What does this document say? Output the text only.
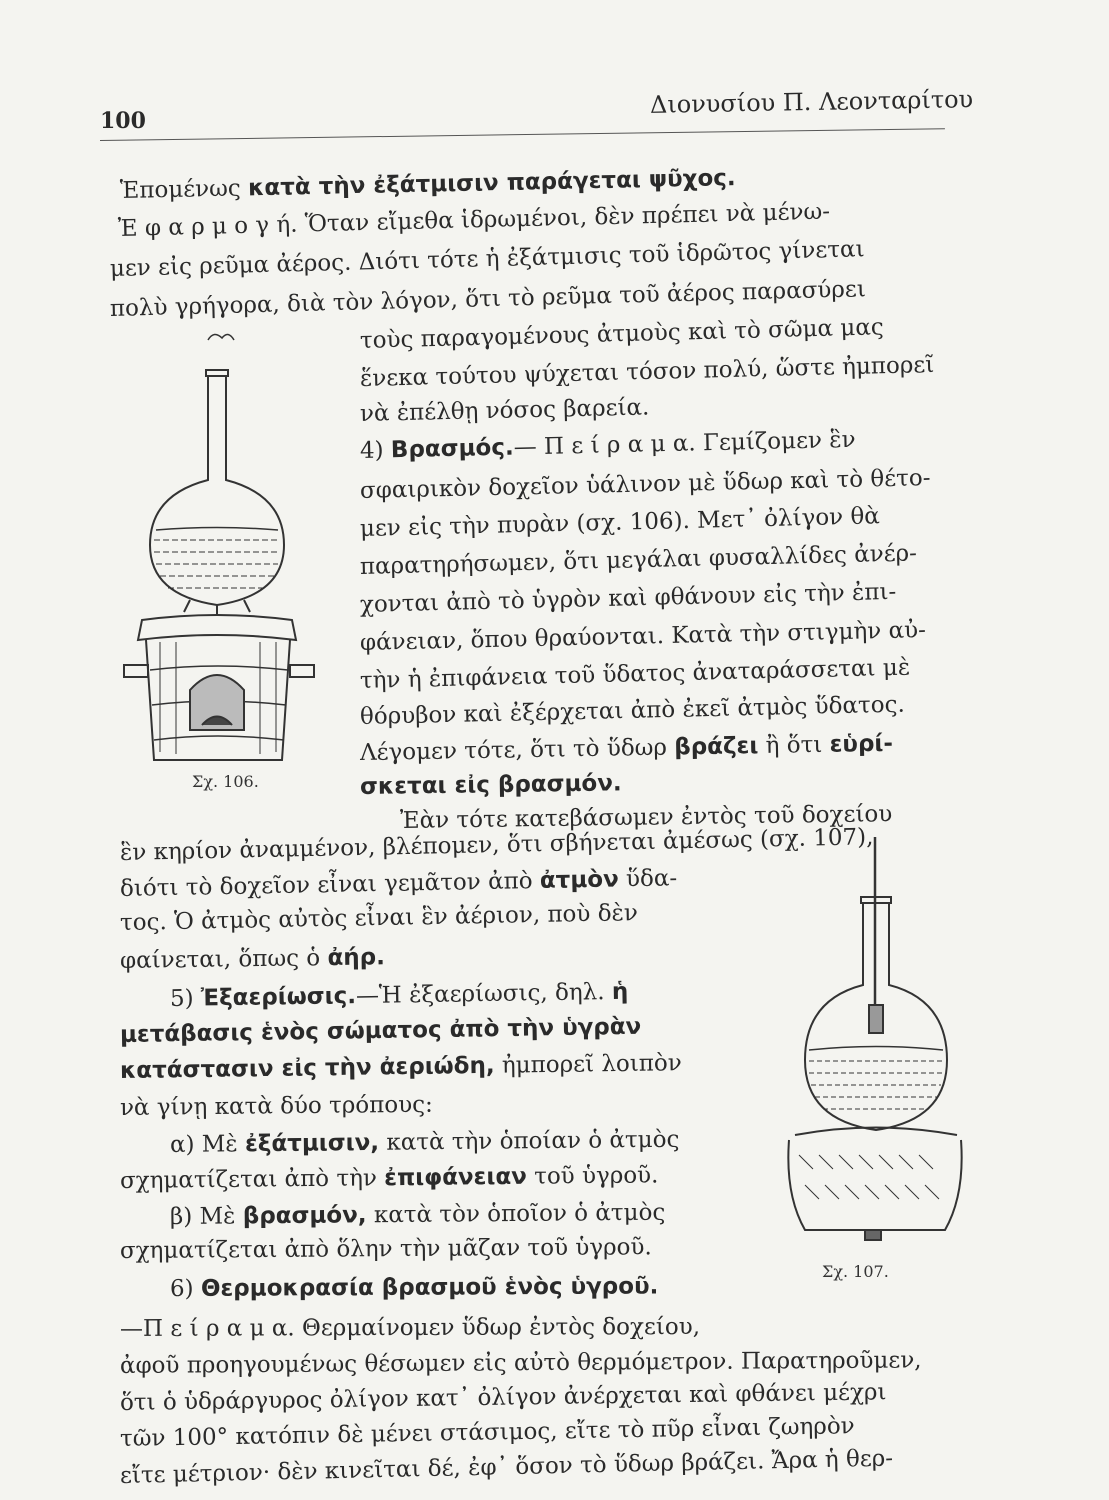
100
Διονυσίου Π. Λεονταρίτου
Ἑπομένως κατὰ τὴν ἐξάτμισιν παράγεται ψῦχος.
Ἐ φ α ρ μ ο γ ή. Ὅταν εἴμεθα ἱδρωμένοι, δὲν πρέπει νὰ μένω-
μεν εἰς ρεῦμα ἀέρος. Διότι τότε ἡ ἐξάτμισις τοῦ ἱδρῶτος γίνεται
πολὺ γρήγορα, διὰ τὸν λόγον, ὅτι τὸ ρεῦμα τοῦ ἀέρος παρασύρει
τοὺς παραγομένους ἀτμοὺς καὶ τὸ σῶμα μας
ἕνεκα τούτου ψύχεται τόσον πολύ, ὥστε ἠμπορεῖ
νὰ ἐπέλθῃ νόσος βαρεία.
4) Βρασμός.— Π ε ί ρ α μ α. Γεμίζομεν ἓν
σφαιρικὸν δοχεῖον ὑάλινον μὲ ὕδωρ καὶ τὸ θέτο-
μεν εἰς τὴν πυρὰν (σχ. 106). Μετ᾽ ὀλίγον θὰ
παρατηρήσωμεν, ὅτι μεγάλαι φυσαλλίδες ἀνέρ-
χονται ἀπὸ τὸ ὑγρὸν καὶ φθάνουν εἰς τὴν ἐπι-
φάνειαν, ὅπου θραύονται. Κατὰ τὴν στιγμὴν αὐ-
τὴν ἡ ἐπιφάνεια τοῦ ὕδατος ἀναταράσσεται μὲ
θόρυβον καὶ ἐξέρχεται ἀπὸ ἐκεῖ ἀτμὸς ὕδατος.
Λέγομεν τότε, ὅτι τὸ ὕδωρ βράζει ἢ ὅτι εὑρί-
σκεται εἰς βρασμόν.
Ἐὰν τότε κατεβάσωμεν ἐντὸς τοῦ δοχείου
ἓν κηρίον ἀναμμένον, βλέπομεν, ὅτι σβήνεται ἀμέσως (σχ. 107),
διότι τὸ δοχεῖον εἶναι γεμᾶτον ἀπὸ ἀτμὸν ὕδα-
τος. Ὁ ἀτμὸς αὐτὸς εἶναι ἓν ἀέριον, ποὺ δὲν
φαίνεται, ὅπως ὁ ἀήρ.
5) Ἐξαερίωσις.—Ἡ ἐξαερίωσις, δηλ. ἡ
μετάβασις ἑνὸς σώματος ἀπὸ τὴν ὑγρὰν
κατάστασιν εἰς τὴν ἀεριώδη, ἠμπορεῖ λοιπὸν
νὰ γίνῃ κατὰ δύο τρόπους:
α) Μὲ ἐξάτμισιν, κατὰ τὴν ὁποίαν ὁ ἀτμὸς
σχηματίζεται ἀπὸ τὴν ἐπιφάνειαν τοῦ ὑγροῦ.
β) Μὲ βρασμόν, κατὰ τὸν ὁποῖον ὁ ἀτμὸς
σχηματίζεται ἀπὸ ὅλην τὴν μᾶζαν τοῦ ὑγροῦ.
6) Θερμοκρασία βρασμοῦ ἑνὸς ὑγροῦ.
—Π ε ί ρ α μ α. Θερμαίνομεν ὕδωρ ἐντὸς δοχείου,
ἀφοῦ προηγουμένως θέσωμεν εἰς αὐτὸ θερμόμετρον. Παρατηροῦμεν,
ὅτι ὁ ὑδράργυρος ὀλίγον κατ᾽ ὀλίγον ἀνέρχεται καὶ φθάνει μέχρι
τῶν 100° κατόπιν δὲ μένει στάσιμος, εἴτε τὸ πῦρ εἶναι ζωηρὸν
εἴτε μέτριον· δὲν κινεῖται δέ, ἐφ᾽ ὅσον τὸ ὕδωρ βράζει. Ἄρα ἡ θερ-
Σχ. 106.
Σχ. 107.
